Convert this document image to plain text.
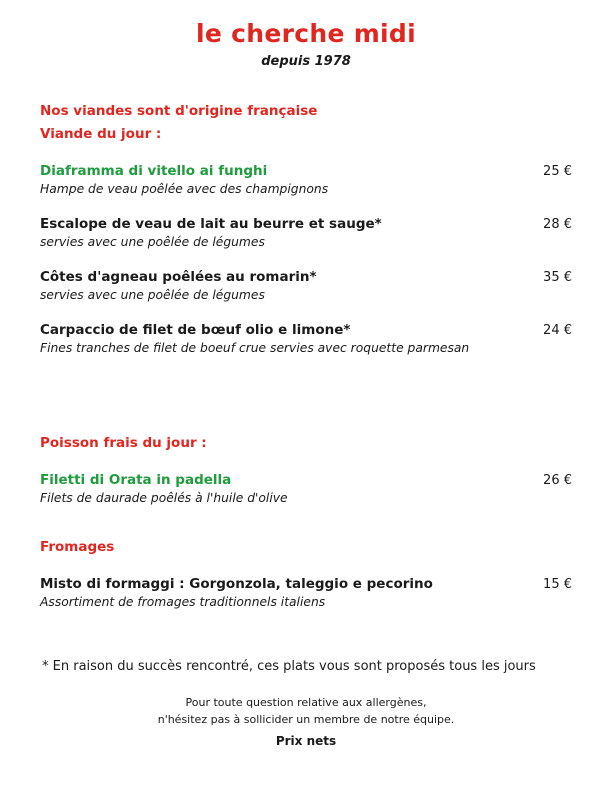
le cherche midi
depuis 1978
Nos viandes sont d'origine française
Viande du jour :
Diaframma di vitello ai funghi	25 €
Hampe de veau poêlée avec des champignons
Escalope de veau de lait au beurre et sauge*	28 €
servies avec une poêlée de légumes
Côtes d'agneau poêlées au romarin*	35 €
servies avec une poêlée de légumes
Carpaccio de filet de bœuf olio e limone*	24 €
Fines tranches de filet de boeuf crue servies avec roquette parmesan
Poisson frais du jour :
Filetti di Orata in padella	26 €
Filets de daurade poêlés à l'huile d'olive
Fromages
Misto di formaggi : Gorgonzola, taleggio e pecorino	15 €
Assortiment de fromages traditionnels italiens
* En raison du succès rencontré, ces plats vous sont proposés tous les jours
Pour toute question relative aux allergènes,
n'hésitez pas à sollicider un membre de notre équipe.
Prix nets
